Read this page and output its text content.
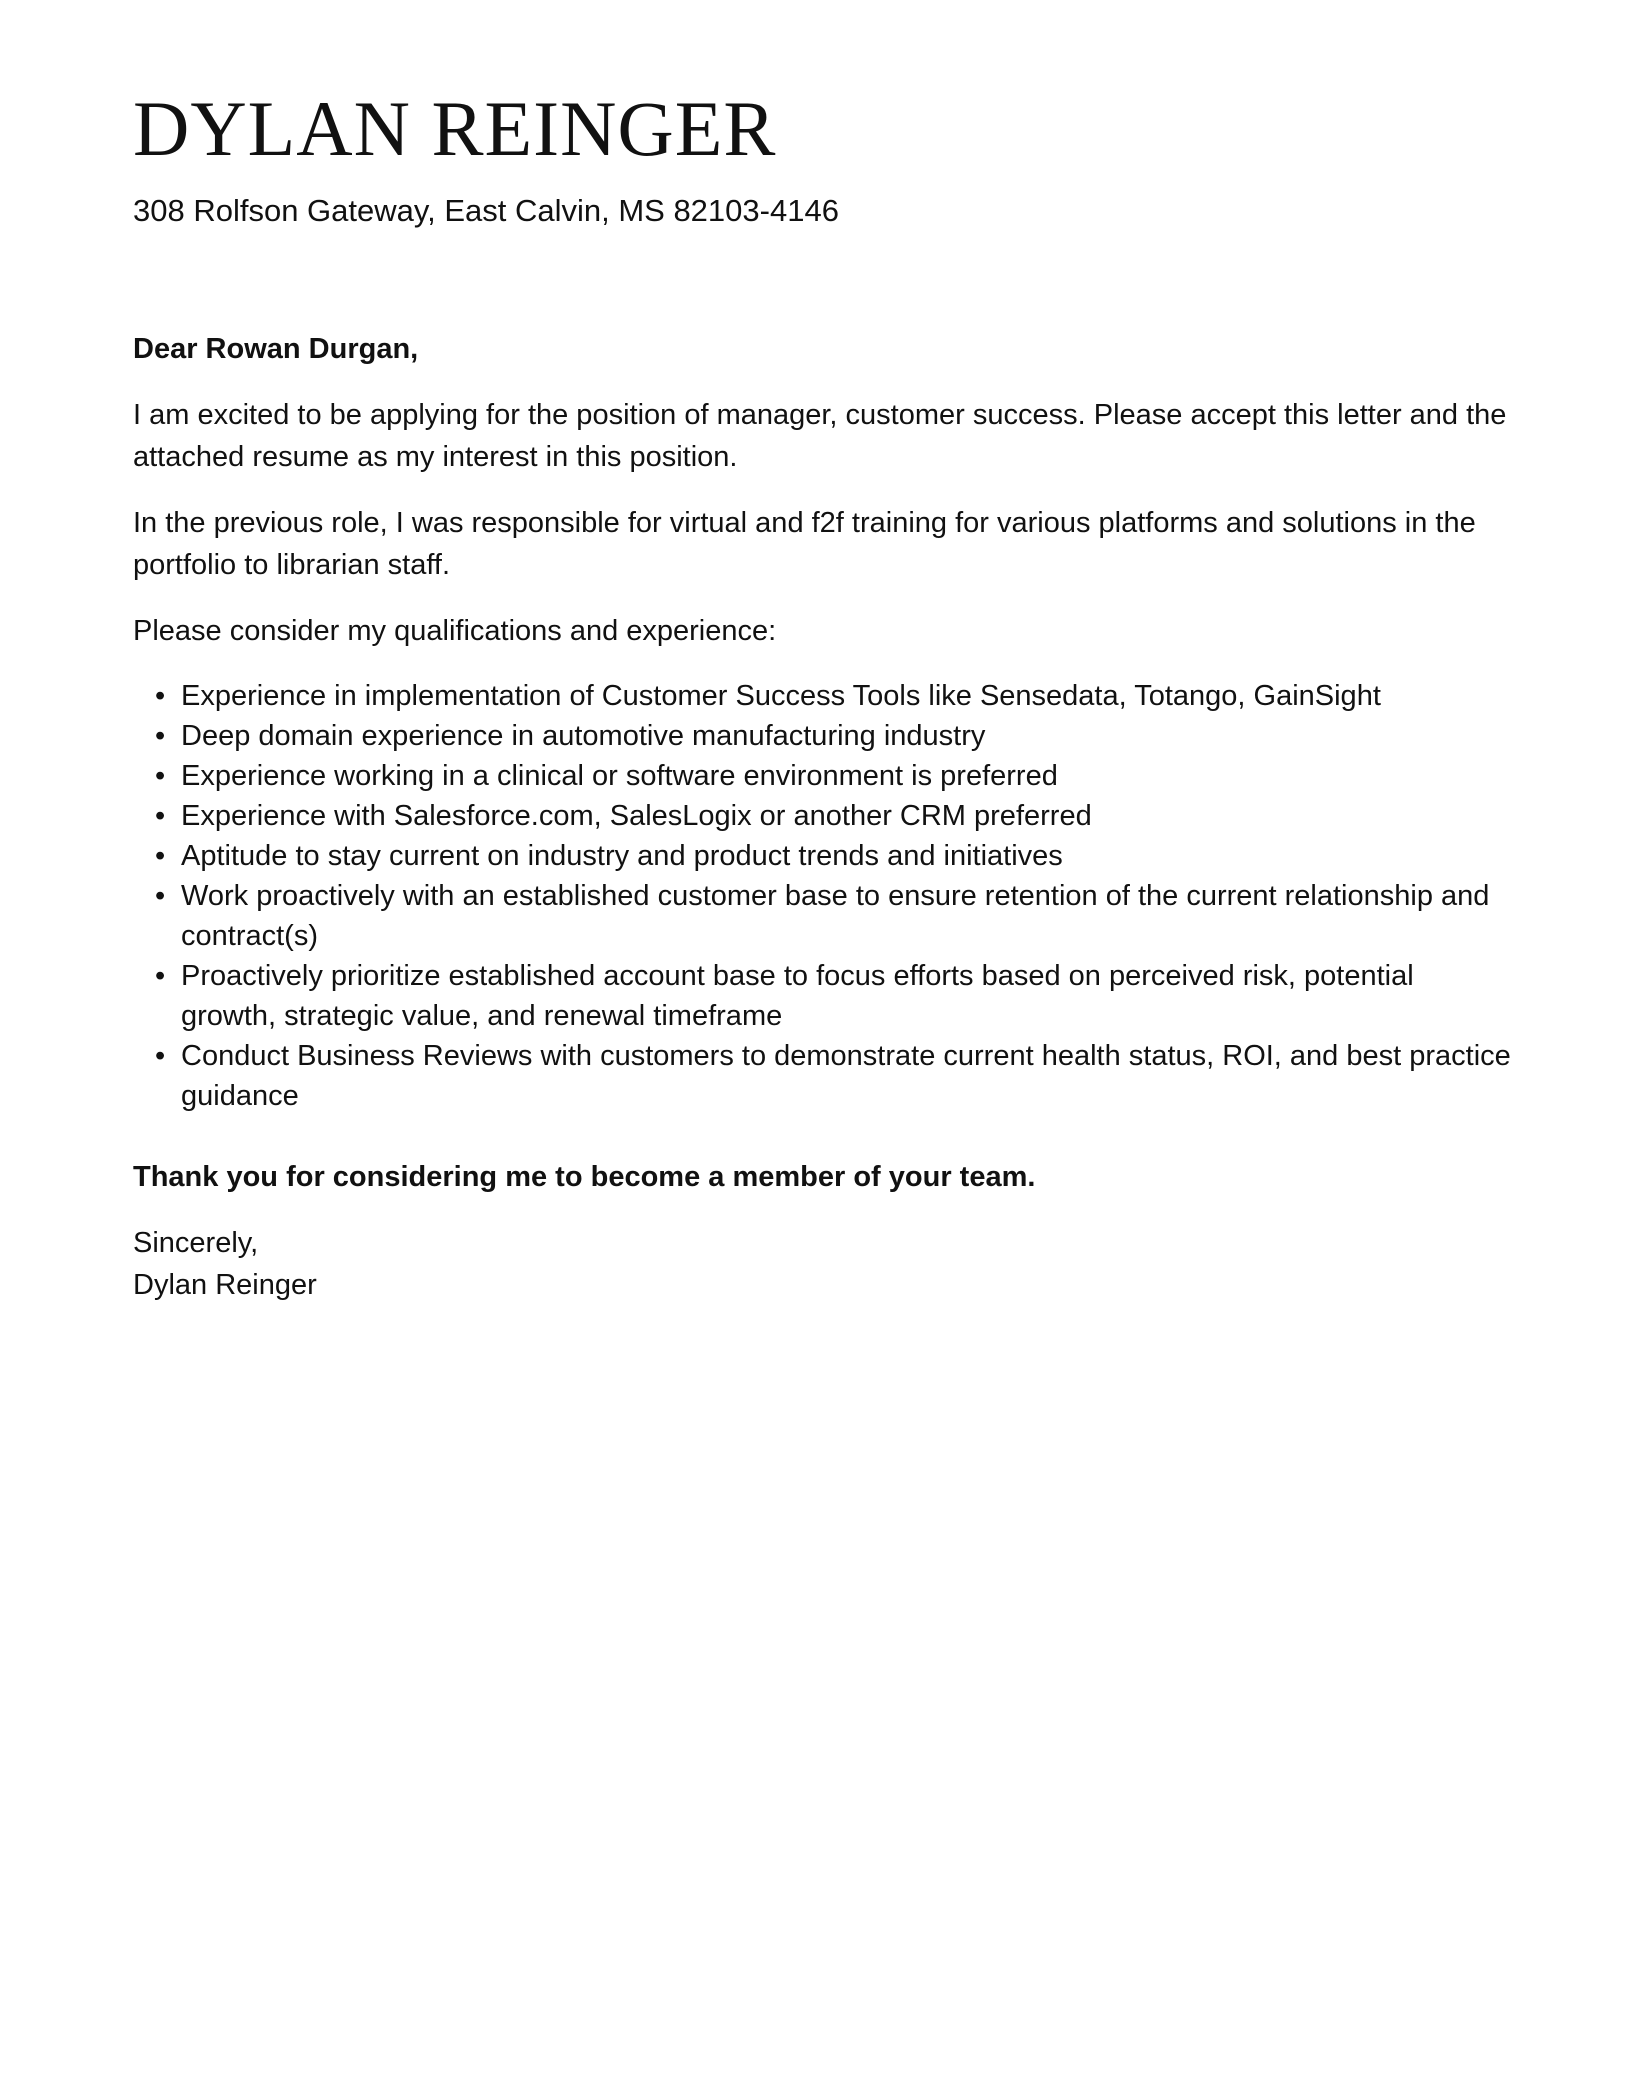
DYLAN REINGER
308 Rolfson Gateway, East Calvin, MS 82103-4146

Dear Rowan Durgan,

I am excited to be applying for the position of manager, customer success. Please accept this letter and the attached resume as my interest in this position.

In the previous role, I was responsible for virtual and f2f training for various platforms and solutions in the portfolio to librarian staff.

Please consider my qualifications and experience:

• Experience in implementation of Customer Success Tools like Sensedata, Totango, GainSight
• Deep domain experience in automotive manufacturing industry
• Experience working in a clinical or software environment is preferred
• Experience with Salesforce.com, SalesLogix or another CRM preferred
• Aptitude to stay current on industry and product trends and initiatives
• Work proactively with an established customer base to ensure retention of the current relationship and contract(s)
• Proactively prioritize established account base to focus efforts based on perceived risk, potential growth, strategic value, and renewal timeframe
• Conduct Business Reviews with customers to demonstrate current health status, ROI, and best practice guidance

Thank you for considering me to become a member of your team.

Sincerely,

Dylan Reinger
